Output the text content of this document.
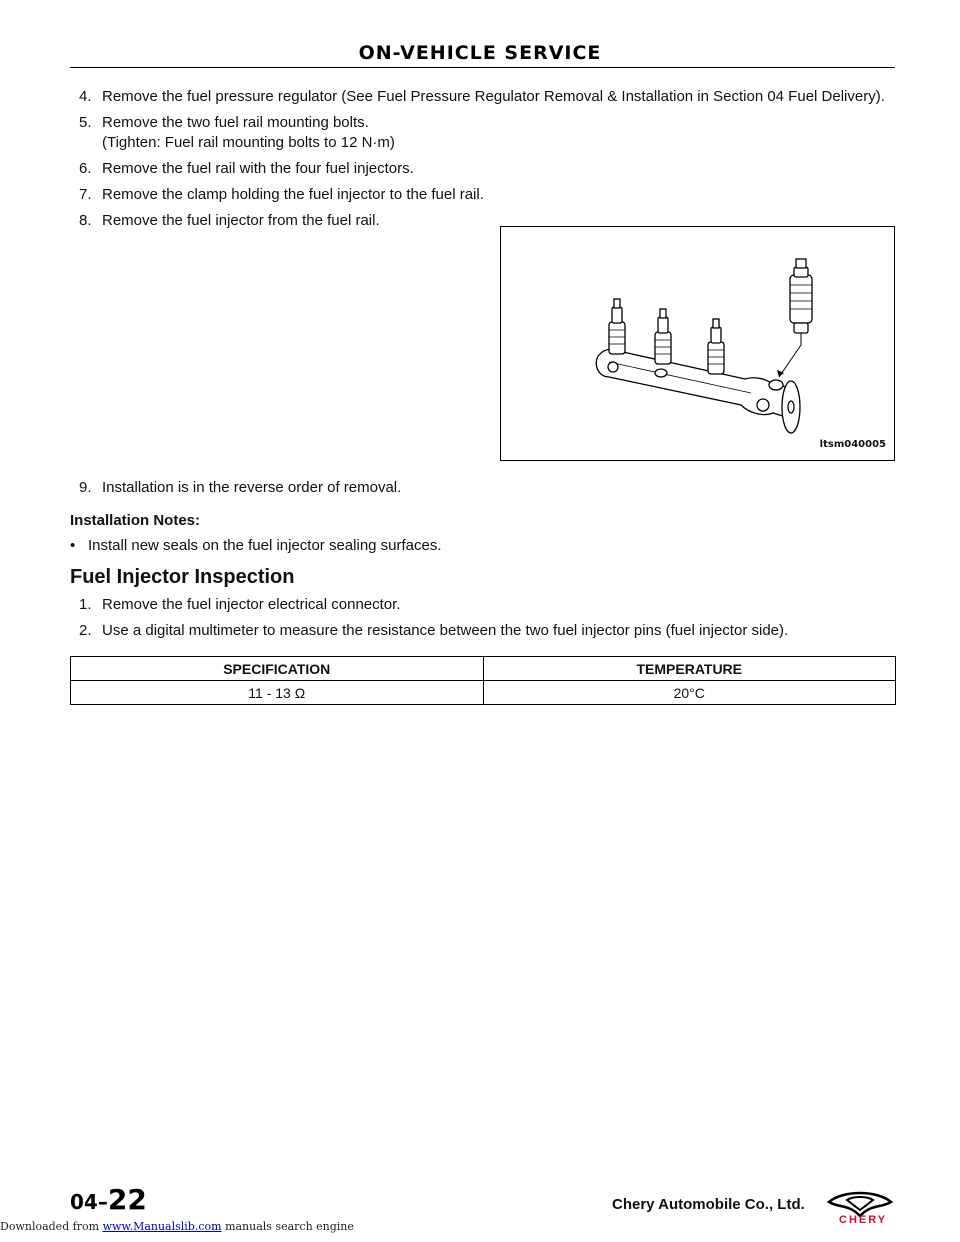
ON-VEHICLE SERVICE
4. Remove the fuel pressure regulator (See Fuel Pressure Regulator Removal & Installation in Section 04 Fuel Delivery).
5. Remove the two fuel rail mounting bolts.
(Tighten: Fuel rail mounting bolts to 12 N·m)
6. Remove the fuel rail with the four fuel injectors.
7. Remove the clamp holding the fuel injector to the fuel rail.
8. Remove the fuel injector from the fuel rail.
ltsm040005
9. Installation is in the reverse order of removal.
Installation Notes:
• Install new seals on the fuel injector sealing surfaces.
Fuel Injector Inspection
1. Remove the fuel injector electrical connector.
2. Use a digital multimeter to measure the resistance between the two fuel injector pins (fuel injector side).
SPECIFICATION	TEMPERATURE
11 - 13 Ω	20°C
04–22	Chery Automobile Co., Ltd.
CHERY
Downloaded from www.Manualslib.com manuals search engine
